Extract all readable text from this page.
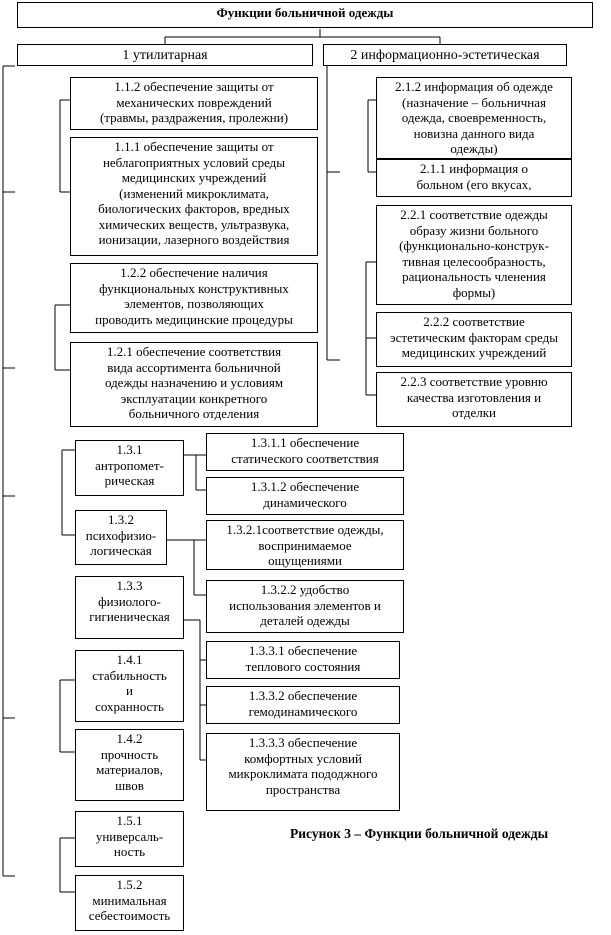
Функции больничной одежды
1 утилитарная	2 информационно-эстетическая
1.1.2 обеспечение защиты от
механических повреждений
(травмы, раздражения, пролежни)
1.1.1 обеспечение защиты от
неблагоприятных условий среды
медицинских учреждений
(изменений микроклимата,
биологических факторов, вредных
химических веществ, ультразвука,
ионизации, лазерного воздействия
1.2.2 обеспечение наличия
функциональных конструктивных
элементов, позволяющих
проводить медицинские процедуры
1.2.1 обеспечение соответствия
вида ассортимента больничной
одежды назначению и условиям
эксплуатации конкретного
больничного отделения
2.1.2 информация об одежде
(назначение – больничная
одежда, своевременность,
новизна данного вида
одежды)
2.1.1 информация о
больном (его вкусах,
2.2.1 соответствие одежды
образу жизни больного
(функционально-конструк-
тивная целесообразность,
рациональность членения
формы)
2.2.2 соответствие
эстетическим факторам среды
медицинских учреждений
2.2.3 соответствие уровню
качества изготовления и
отделки
1.3.1
антропомет-
рическая
1.3.2
психофизио-
логическая
1.3.3
физиолого-
гигиеническая
1.4.1
стабильность
и
сохранность
1.4.2
прочность
материалов,
швов
1.5.1
универсаль-
ность
1.5.2
минимальная
себестоимость
1.3.1.1 обеспечение
статического соответствия
1.3.1.2 обеспечение
динамического
1.3.2.1соответствие одежды,
воспринимаемое
ощущениями
1.3.2.2 удобство
использования элементов и
деталей одежды
1.3.3.1 обеспечение
теплового состояния
1.3.3.2 обеспечение
гемодинамического
1.3.3.3 обеспечение
комфортных условий
микроклимата пододжного
пространства
Рисунок 3 – Функции больничной одежды
